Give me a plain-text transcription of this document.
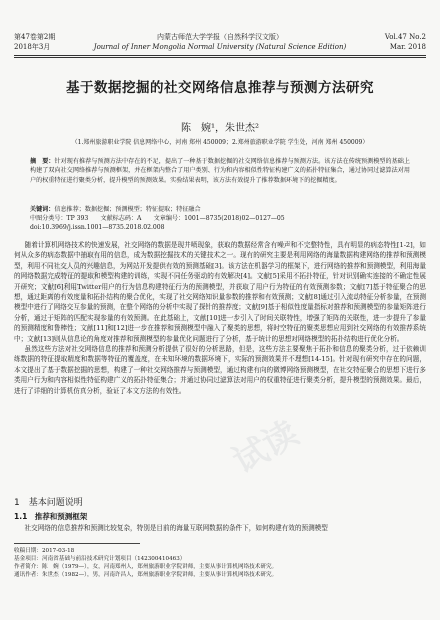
试读
试读
第47卷第2期	内蒙古师范大学学报（自然科学汉文版）	Vol.47 No.2
2018年3月	Journal of Inner Mongolia Normal University (Natural Science Edition)	Mar. 2018
基于数据挖掘的社交网络信息推荐与预测方法研究
陈　婉¹，朱世杰²
（1.郑州旅游职业学院 信息网络中心，河南 郑州 450009；2.郑州旅游职业学院 学生处，河南 郑州 450009）
摘　要：针对现有推荐与预测方法中存在的不足，提出了一种基于数据挖掘的社交网络信息推荐与预测方法。该方法在传统预测模型的基础上构建了双向社交网络推荐与预测框架，并在框架内整合了用户类别、行为和内容相似性特征构建广义的拓扑特征集合，通过协同过滤算法对用户的权重特征进行聚类分析，提升模型的预测效果。实验结果表明，该方法有效提升了推荐数据环境下的挖掘精度。
关键词：信息推荐；数据挖掘；预测模型；特征提取；特征融合
中图分类号：TP 393　　文献标志码：A　　文章编号：1001—8735(2018)02—0127—05
doi:10.3969/j.issn.1001—8735.2018.02.008

随着计算机网络技术的快速发展，社交网络的数据是现井喷现象，获取的数据经常含有噪声和不完整特性，具有明显的病态特性[1-2]，如何从众多的病态数据中抽取有用的信息，成为数据挖掘技术的关键技术之一。现有的研究主要是利用网络的海量数据构建网络的推荐和预测模型，利用不同社交人员的兴趣信息，为网站开发提供有效的预测基础[3]。该方法在机器学习的框架下，进行网络的推荐和预测模型，利用海量的网络数据完成特征的提取和模型构建的训练，实现不同任务驱动的有效解决[4]。文献[5]采用不拓扑特征，针对识别确实连接的不确定性展开研究；文献[6]利用Twitter用户的行为信息构建特征行为的预测模型，并获取了用户行为特征的有效预测参数；文献[7]基于特征聚合的思想，通过距离的有效度量和拓扑结构的聚合优化，实现了社交网络知识量参数的推荐和有效预测；文献[8]通过引入流动特征分析参量，在预测模型中进行了网络交互参量的预测，在整个网络的分析中实现了探针的推荐度；文献[9]基于相似性度量指标对推荐和预测模型的参量矩阵进行分析，通过于矩阵的匹配实现参量的有效预测。在此基础上，文献[10]进一步引入了时间关联特性，增强了矩阵的关联性，进一步提升了参量的预测精度和鲁棒性；文献[11]和[12]进一步在推荐和预测模型中融入了聚类的思想，将时空特征的聚类思想应用到社交网络的有效推荐系统中；文献[13]则从信息论的角度对推荐和预测模型的参量优化问题进行了分析，基于统计的思想对网络模型的拓扑结构进行优化分析。

虽然这些方法对社交网络信息的推荐和预测分析提供了很好的分析思路，但是，这些方法主要聚焦于拓扑和信息的聚类分析，过于依赖训练数据的特征提取精度和数据等特征的覆盖度，在未知环境的数据环境下，实际的预测效果并不理想[14-15]。针对现有研究中存在的问题，本文提出了基于数据挖掘的思想，构建了一种社交网络推荐与预测模型，通过构建有向的微博网络预测模型，在社交特征聚合的思想下进行多类用户行为和内容相似性特征构建广义的拓扑特征集合；并通过协同过滤算法对用户的权重特征进行聚类分析，提升模型的预测效果。最后，进行了详细的计算机仿真分析，验证了本文方法的有效性。

1　基本问题说明
1.1　推荐和预测框架

社交网络的信息推荐和预测比较复杂，特别是目前的海量互联网数据的条件下，如何构建有效的预测模型

收稿日期：2017-03-18
基金项目：河南省基础与前沿技术研究计划项目（142300410463）
作者简介：陈　婉（1979—），女，河南郑州人，郑州旅游职业学院讲师，主要从事计算机网络技术研究。
通讯作者：朱世杰（1982—），男，河南许昌人，郑州旅游职业学院讲师，主要从事计算机网络技术研究。
